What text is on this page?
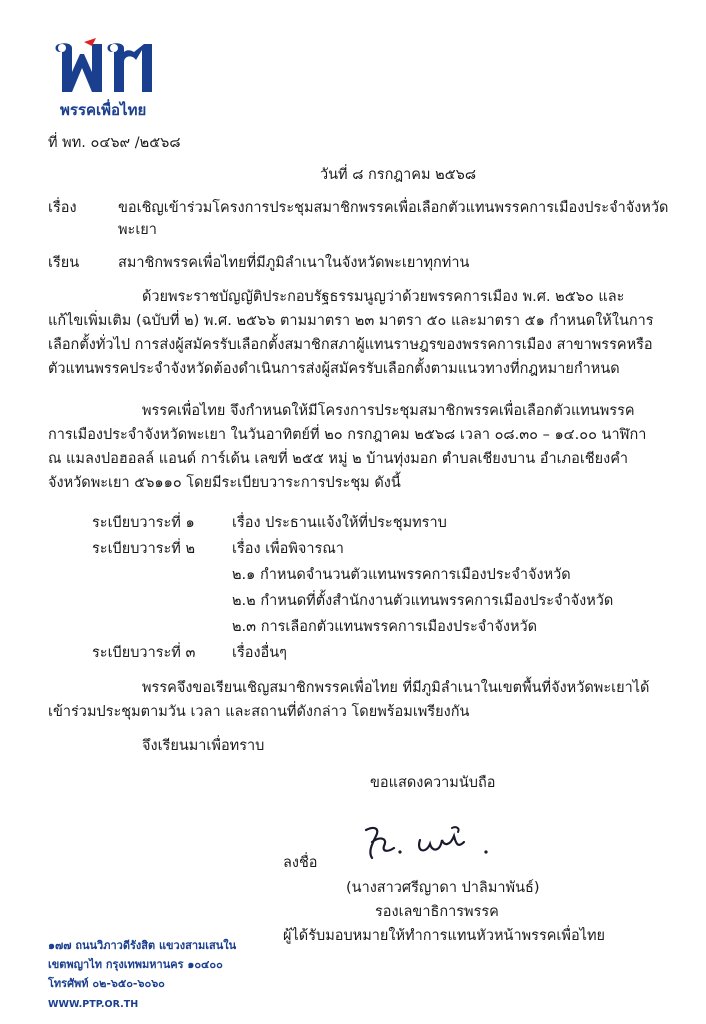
พรรคเพื่อไทย
ที่ พท. ๐๔๖๙ /๒๕๖๘
วันที่ ๘ กรกฎาคม ๒๕๖๘
เรื่อง	ขอเชิญเข้าร่วมโครงการประชุมสมาชิกพรรคเพื่อเลือกตัวแทนพรรคการเมืองประจำจังหวัด
พะเยา
เรียน	สมาชิกพรรคเพื่อไทยที่มีภูมิลำเนาในจังหวัดพะเยาทุกท่าน
ด้วยพระราชบัญญัติประกอบรัฐธรรมนูญว่าด้วยพรรคการเมือง พ.ศ. ๒๕๖๐ และ
แก้ไขเพิ่มเติม (ฉบับที่ ๒) พ.ศ. ๒๕๖๖ ตามมาตรา ๒๓ มาตรา ๕๐ และมาตรา ๕๑ กำหนดให้ในการ
เลือกตั้งทั่วไป การส่งผู้สมัครรับเลือกตั้งสมาชิกสภาผู้แทนราษฎรของพรรคการเมือง สาขาพรรคหรือ
ตัวแทนพรรคประจำจังหวัดต้องดำเนินการส่งผู้สมัครรับเลือกตั้งตามแนวทางที่กฎหมายกำหนด
พรรคเพื่อไทย จึงกำหนดให้มีโครงการประชุมสมาชิกพรรคเพื่อเลือกตัวแทนพรรค
การเมืองประจำจังหวัดพะเยา ในวันอาทิตย์ที่ ๒๐ กรกฎาคม ๒๕๖๘ เวลา ๐๘.๓๐ – ๑๔.๐๐ นาฬิกา
ณ แมลงปอฮอลล์ แอนด์ การ์เด้น เลขที่ ๒๕๕ หมู่ ๒ บ้านทุ่งมอก ตำบลเชียงบาน อำเภอเชียงคำ
จังหวัดพะเยา ๕๖๑๑๐ โดยมีระเบียบวาระการประชุม ดังนี้
ระเบียบวาระที่ ๑	เรื่อง ประธานแจ้งให้ที่ประชุมทราบ
ระเบียบวาระที่ ๒	เรื่อง เพื่อพิจารณา
๒.๑ กำหนดจำนวนตัวแทนพรรคการเมืองประจำจังหวัด
๒.๒ กำหนดที่ตั้งสำนักงานตัวแทนพรรคการเมืองประจำจังหวัด
๒.๓ การเลือกตัวแทนพรรคการเมืองประจำจังหวัด
ระเบียบวาระที่ ๓	เรื่องอื่นๆ
พรรคจึงขอเรียนเชิญสมาชิกพรรคเพื่อไทย ที่มีภูมิลำเนาในเขตพื้นที่จังหวัดพะเยาได้
เข้าร่วมประชุมตามวัน เวลา และสถานที่ดังกล่าว โดยพร้อมเพรียงกัน
จึงเรียนมาเพื่อทราบ
ขอแสดงความนับถือ
ลงชื่อ
(นางสาวศรีญาดา ปาลิมาพันธ์)
รองเลขาธิการพรรค
ผู้ได้รับมอบหมายให้ทำการแทนหัวหน้าพรรคเพื่อไทย
๑๗๗ ถนนวิภาวดีรังสิต แขวงสามเสนใน
เขตพญาไท กรุงเทพมหานคร ๑๐๔๐๐
โทรศัพท์ ๐๒-๖๕๐-๖๐๖๐
WWW.PTP.OR.TH
